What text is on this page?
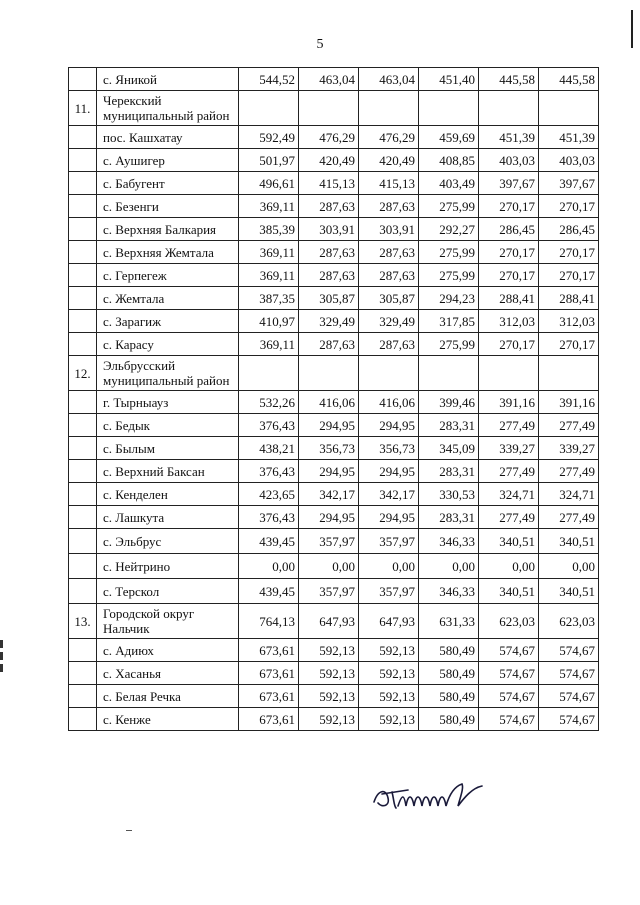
5
	с. Яникой	544,52	463,04	463,04	451,40	445,58	445,58
11.	Черекский муниципальный район						
	пос. Кашхатау	592,49	476,29	476,29	459,69	451,39	451,39
	с. Аушигер	501,97	420,49	420,49	408,85	403,03	403,03
	с. Бабугент	496,61	415,13	415,13	403,49	397,67	397,67
	с. Безенги	369,11	287,63	287,63	275,99	270,17	270,17
	с. Верхняя Балкария	385,39	303,91	303,91	292,27	286,45	286,45
	с. Верхняя Жемтала	369,11	287,63	287,63	275,99	270,17	270,17
	с. Герпегеж	369,11	287,63	287,63	275,99	270,17	270,17
	с. Жемтала	387,35	305,87	305,87	294,23	288,41	288,41
	с. Зарагиж	410,97	329,49	329,49	317,85	312,03	312,03
	с. Карасу	369,11	287,63	287,63	275,99	270,17	270,17
12.	Эльбрусский муниципальный район						
	г. Тырныауз	532,26	416,06	416,06	399,46	391,16	391,16
	с. Бедык	376,43	294,95	294,95	283,31	277,49	277,49
	с. Былым	438,21	356,73	356,73	345,09	339,27	339,27
	с. Верхний Баксан	376,43	294,95	294,95	283,31	277,49	277,49
	с. Кенделен	423,65	342,17	342,17	330,53	324,71	324,71
	с. Лашкута	376,43	294,95	294,95	283,31	277,49	277,49
	с. Эльбрус	439,45	357,97	357,97	346,33	340,51	340,51
	с. Нейтрино	0,00	0,00	0,00	0,00	0,00	0,00
	с. Терскол	439,45	357,97	357,97	346,33	340,51	340,51
13.	Городской округ Нальчик	764,13	647,93	647,93	631,33	623,03	623,03
	с. Адиюх	673,61	592,13	592,13	580,49	574,67	574,67
	с. Хасанья	673,61	592,13	592,13	580,49	574,67	574,67
	с. Белая Речка	673,61	592,13	592,13	580,49	574,67	574,67
	с. Кенже	673,61	592,13	592,13	580,49	574,67	574,67
